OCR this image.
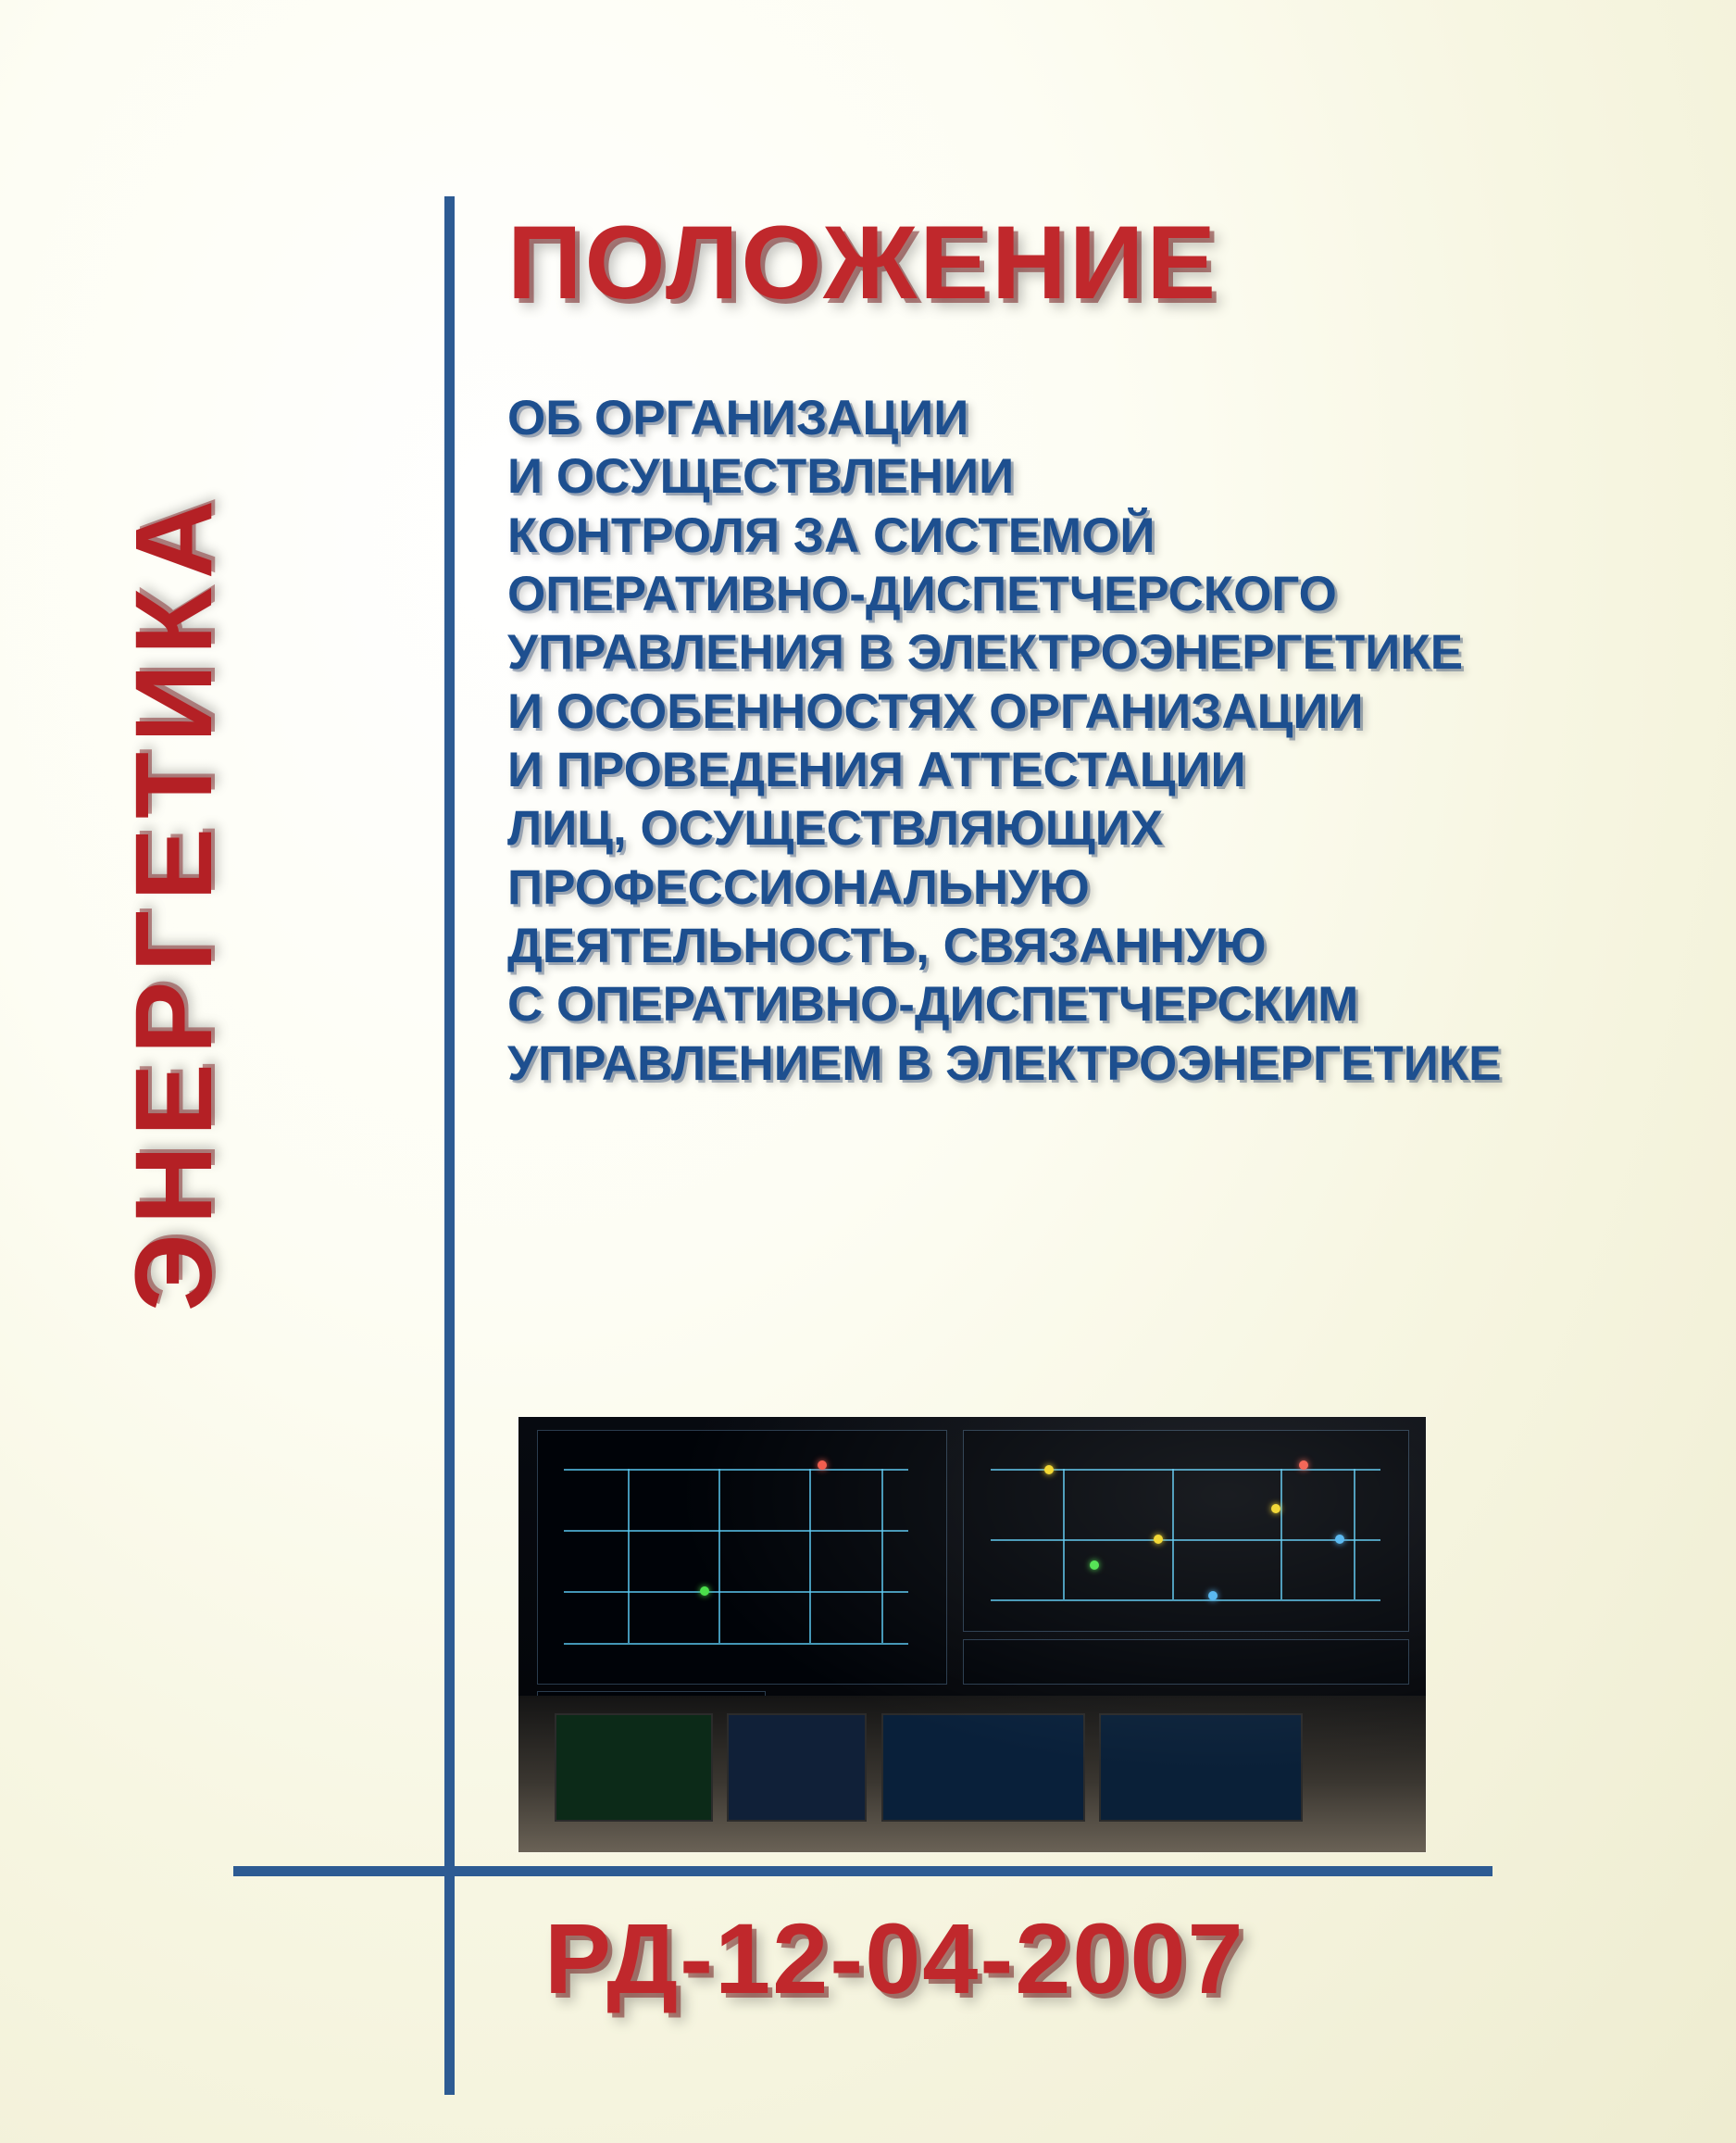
ЭНЕРГЕТИКА
ПОЛОЖЕНИЕ
ОБ ОРГАНИЗАЦИИ
И ОСУЩЕСТВЛЕНИИ
КОНТРОЛЯ ЗА СИСТЕМОЙ
ОПЕРАТИВНО-ДИСПЕТЧЕРСКОГО
УПРАВЛЕНИЯ В ЭЛЕКТРОЭНЕРГЕТИКЕ
И ОСОБЕННОСТЯХ ОРГАНИЗАЦИИ
И ПРОВЕДЕНИЯ АТТЕСТАЦИИ
ЛИЦ, ОСУЩЕСТВЛЯЮЩИХ
ПРОФЕССИОНАЛЬНУЮ
ДЕЯТЕЛЬНОСТЬ, СВЯЗАННУЮ
С ОПЕРАТИВНО-ДИСПЕТЧЕРСКИМ
УПРАВЛЕНИЕМ В ЭЛЕКТРОЭНЕРГЕТИКЕ
РД-12-04-2007
